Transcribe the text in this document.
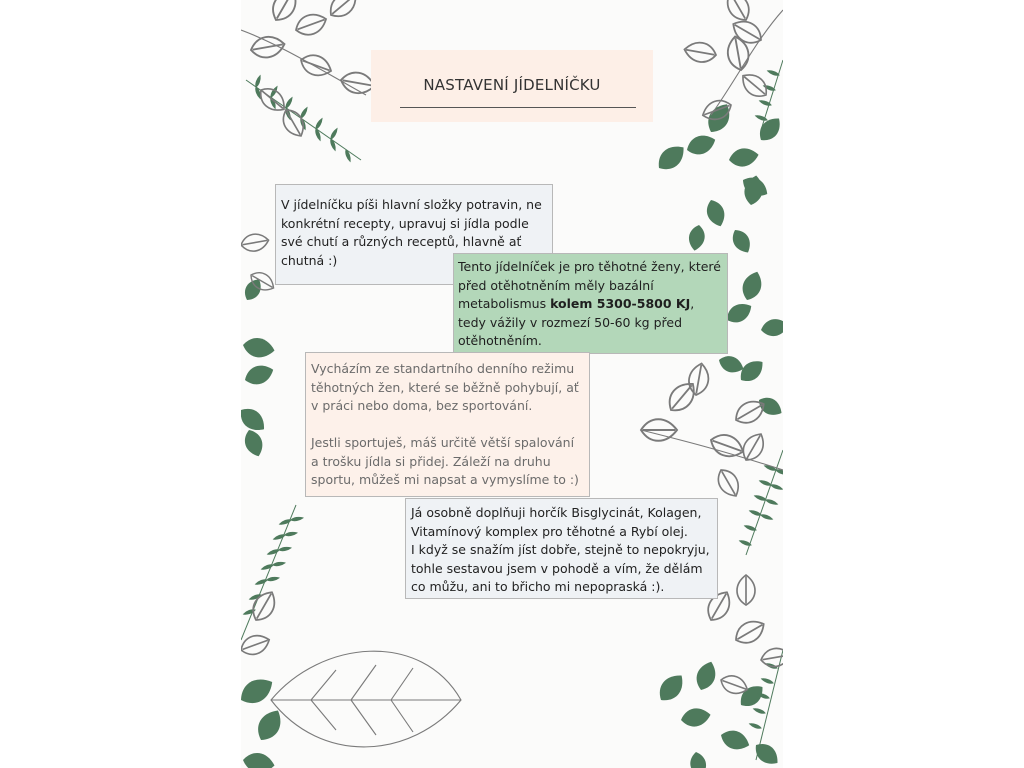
NASTAVENÍ JÍDELNÍČKU

V jídelníčku píši hlavní složky potravin, ne konkrétní recepty, upravuj si jídla podle své chutí a různých receptů, hlavně ať chutná :)	Tento jídelníček je pro těhotné ženy, které před otěhotněním měly bazální metabolismus kolem 5300-5800 KJ, tedy vážily v rozmezí 50-60 kg před otěhotněním.

Vycházím ze standartního denního režimu těhotných žen, které se běžně pohybují, ať v práci nebo doma, bez sportování.

Jestli sportuješ, máš určitě větší spalování a trošku jídla si přidej. Záleží na druhu sportu, můžeš mi napsat a vymyslíme to :)

Já osobně doplňuji horčík Bisglycinát, Kolagen, Vitamínový komplex pro těhotné a Rybí olej.

I když se snažím jíst dobře, stejně to nepokryju, tohle sestavou jsem v pohodě a vím, že dělám co můžu, ani to břicho mi nepopraská :).
